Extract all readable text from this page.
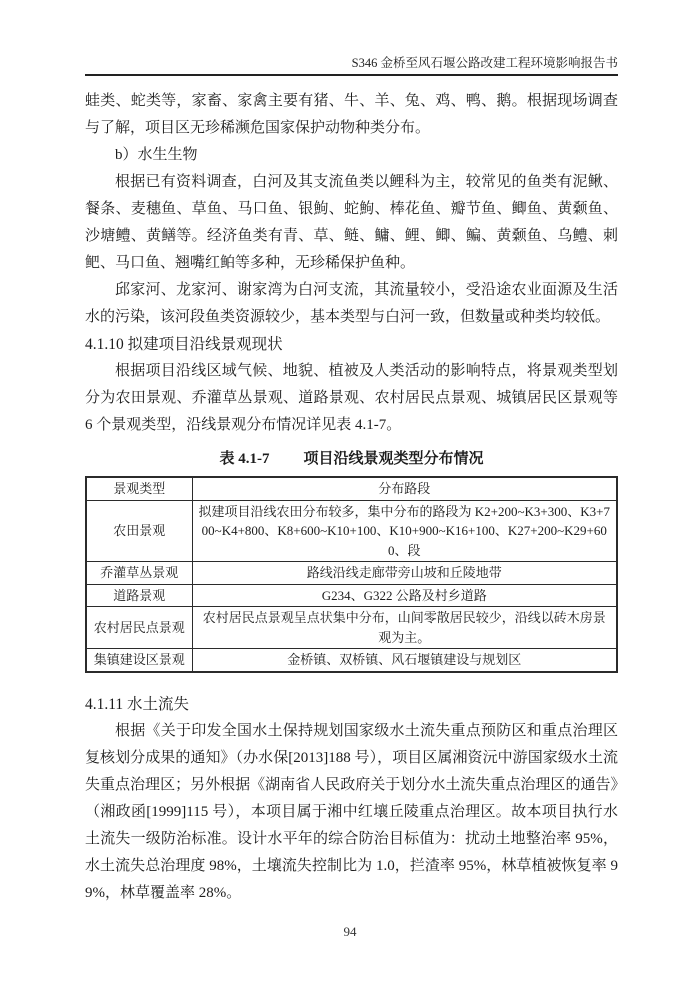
S346 金桥至风石堰公路改建工程环境影响报告书

蛙类、蛇类等，家畜、家禽主要有猪、牛、羊、兔、鸡、鸭、鹅。根据现场调查与了解，项目区无珍稀濒危国家保护动物种类分布。

b）水生生物

根据已有资料调查，白河及其支流鱼类以鲤科为主，较常见的鱼类有泥鳅、餐条、麦穗鱼、草鱼、马口鱼、银鮈、蛇鮈、棒花鱼、瓣节鱼、鲫鱼、黄颡鱼、沙塘鳢、黄鳝等。经济鱼类有青、草、鲢、鳙、鲤、鲫、鳊、黄颡鱼、乌鳢、刺鲃、马口鱼、翘嘴红鲌等多种，无珍稀保护鱼种。

邱家河、龙家河、谢家湾为白河支流，其流量较小，受沿途农业面源及生活水的污染，该河段鱼类资源较少，基本类型与白河一致，但数量或种类均较低。

4.1.10 拟建项目沿线景观现状

根据项目沿线区域气候、地貌、植被及人类活动的影响特点，将景观类型划分为农田景观、乔灌草丛景观、道路景观、农村居民点景观、城镇居民区景观等 6 个景观类型，沿线景观分布情况详见表 4.1-7。

表 4.1-7 项目沿线景观类型分布情况
景观类型	分布路段
农田景观	拟建项目沿线农田分布较多，集中分布的路段为 K2+200~K3+300、K3+700~K4+800、K8+600~K10+100、K10+900~K16+100、K27+200~K29+600、段
乔灌草丛景观	路线沿线走廊带旁山坡和丘陵地带
道路景观	G234、G322 公路及村乡道路
农村居民点景观	农村居民点景观呈点状集中分布，山间零散居民较少，沿线以砖木房景观为主。
集镇建设区景观	金桥镇、双桥镇、风石堰镇建设与规划区
4.1.11 水土流失

根据《关于印发全国水土保持规划国家级水土流失重点预防区和重点治理区复核划分成果的通知》（办水保[2013]188 号），项目区属湘资沅中游国家级水土流失重点治理区；另外根据《湖南省人民政府关于划分水土流失重点治理区的通告》（湘政函[1999]115 号），本项目属于湘中红壤丘陵重点治理区。故本项目执行水土流失一级防治标准。设计水平年的综合防治目标值为：扰动土地整治率 95%，水土流失总治理度 98%，土壤流失控制比为 1.0，拦渣率 95%，林草植被恢复率 99%，林草覆盖率 28%。

94
